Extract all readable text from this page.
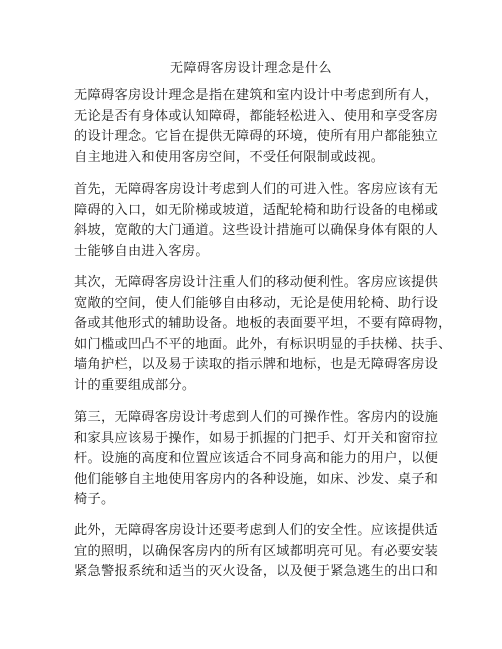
无障碍客房设计理念是什么
无障碍客房设计理念是指在建筑和室内设计中考虑到所有人，
无论是否有身体或认知障碍，都能轻松进入、使用和享受客房
的设计理念。它旨在提供无障碍的环境，使所有用户都能独立
自主地进入和使用客房空间，不受任何限制或歧视。
首先，无障碍客房设计考虑到人们的可进入性。客房应该有无
障碍的入口，如无阶梯或坡道，适配轮椅和助行设备的电梯或
斜坡，宽敞的大门通道。这些设计措施可以确保身体有限的人
士能够自由进入客房。
其次，无障碍客房设计注重人们的移动便利性。客房应该提供
宽敞的空间，使人们能够自由移动，无论是使用轮椅、助行设
备或其他形式的辅助设备。地板的表面要平坦，不要有障碍物，
如门槛或凹凸不平的地面。此外，有标识明显的手扶梯、扶手、
墙角护栏，以及易于读取的指示牌和地标，也是无障碍客房设
计的重要组成部分。
第三，无障碍客房设计考虑到人们的可操作性。客房内的设施
和家具应该易于操作，如易于抓握的门把手、灯开关和窗帘拉
杆。设施的高度和位置应该适合不同身高和能力的用户，以便
他们能够自主地使用客房内的各种设施，如床、沙发、桌子和
椅子。
此外，无障碍客房设计还要考虑到人们的安全性。应该提供适
宜的照明，以确保客房内的所有区域都明亮可见。有必要安装
紧急警报系统和适当的灭火设备，以及便于紧急逃生的出口和
